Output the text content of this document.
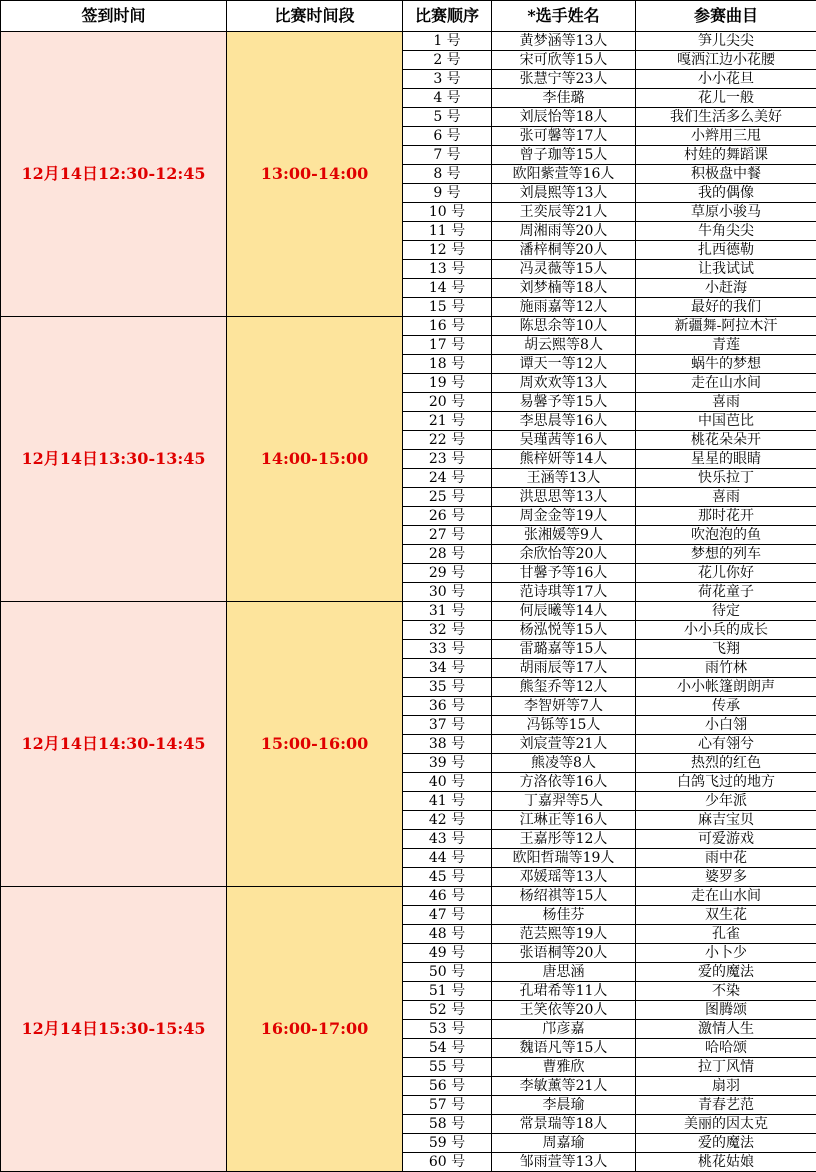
签到时间	比赛时间段	比赛顺序	*选手姓名	参赛曲目
12月14日12:30-12:45	13:00-14:00	1 号	黄梦涵等13人	笋儿尖尖
		2 号	宋可欣等15人	嘎洒江边小花腰
		3 号	张慧宁等23人	小小花旦
		4 号	李佳璐	花儿一般
		5 号	刘辰怡等18人	我们生活多么美好
		6 号	张可馨等17人	小辫用三甩
		7 号	曾子珈等15人	村娃的舞蹈课
		8 号	欧阳紫萱等16人	积极盘中餐
		9 号	刘晨熙等13人	我的偶像
		10 号	王奕辰等21人	草原小骏马
		11 号	周湘雨等20人	牛角尖尖
		12 号	潘梓桐等20人	扎西德勒
		13 号	冯灵薇等15人	让我试试
		14 号	刘梦楠等18人	小赶海
		15 号	施雨嘉等12人	最好的我们
12月14日13:30-13:45	14:00-15:00	16 号	陈思余等10人	新疆舞-阿拉木汗
		17 号	胡云熙等8人	青莲
		18 号	谭天一等12人	蜗牛的梦想
		19 号	周欢欢等13人	走在山水间
		20 号	易馨予等15人	喜雨
		21 号	李思晨等16人	中国芭比
		22 号	吴瑾茜等16人	桃花朵朵开
		23 号	熊梓妍等14人	星星的眼睛
		24 号	王涵等13人	快乐拉丁
		25 号	洪思思等13人	喜雨
		26 号	周金金等19人	那时花开
		27 号	张湘媛等9人	吹泡泡的鱼
		28 号	余欣怡等20人	梦想的列车
		29 号	甘馨予等16人	花儿你好
		30 号	范诗琪等17人	荷花童子
12月14日14:30-14:45	15:00-16:00	31 号	何辰曦等14人	待定
		32 号	杨泓悦等15人	小小兵的成长
		33 号	雷璐嘉等15人	飞翔
		34 号	胡雨辰等17人	雨竹林
		35 号	熊玺乔等12人	小小帐篷朗朗声
		36 号	李智妍等7人	传承
		37 号	冯铄等15人	小白翎
		38 号	刘宸萱等21人	心有翎兮
		39 号	熊凌等8人	热烈的红色
		40 号	方洛依等16人	白鸽飞过的地方
		41 号	丁嘉羿等5人	少年派
		42 号	江琳正等16人	麻吉宝贝
		43 号	王嘉彤等12人	可爱游戏
		44 号	欧阳哲瑞等19人	雨中花
		45 号	邓媛瑶等13人	婆罗多
12月14日15:30-15:45	16:00-17:00	46 号	杨绍祺等15人	走在山水间
		47 号	杨佳芬	双生花
		48 号	范芸熙等19人	孔雀
		49 号	张语桐等20人	小卜少
		50 号	唐思涵	爱的魔法
		51 号	孔珺希等11人	不染
		52 号	王笑依等20人	图腾颂
		53 号	邝彦嘉	激情人生
		54 号	魏语凡等15人	哈哈颂
		55 号	曹雅欣	拉丁风情
		56 号	李敏薰等21人	扇羽
		57 号	李晨瑜	青春艺范
		58 号	常景瑞等18人	美丽的因太克
		59 号	周嘉瑜	爱的魔法
		60 号	邹雨萱等13人	桃花姑娘
